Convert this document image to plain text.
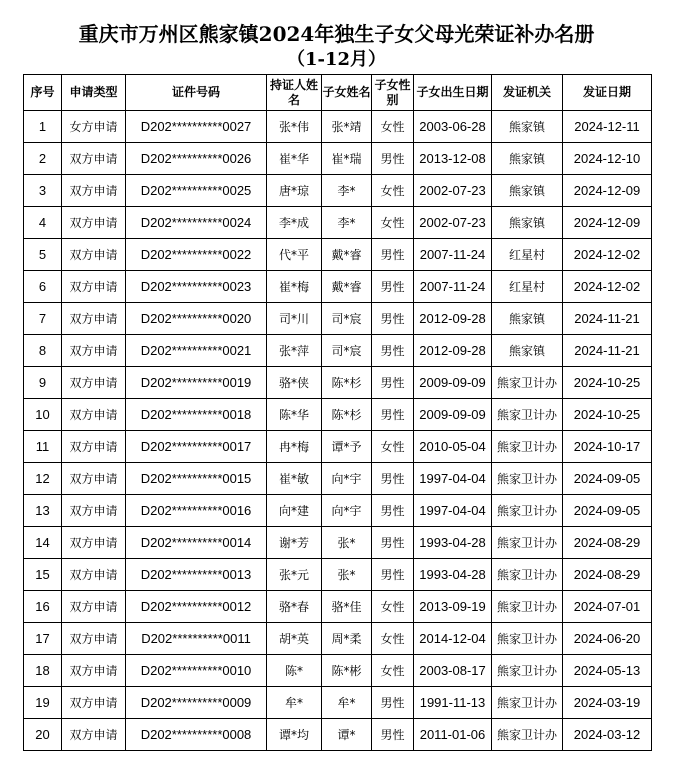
重庆市万州区熊家镇2024年独生子女父母光荣证补办名册
（1-12月）
序号	申请类型	证件号码	持证人姓名	子女姓名	子女性别	子女出生日期	发证机关	发证日期
1	女方申请	D202**********0027	张*伟	张*靖	女性	2003-06-28	熊家镇	2024-12-11
2	双方申请	D202**********0026	崔*华	崔*瑞	男性	2013-12-08	熊家镇	2024-12-10
3	双方申请	D202**********0025	唐*琼	李*	女性	2002-07-23	熊家镇	2024-12-09
4	双方申请	D202**********0024	李*成	李*	女性	2002-07-23	熊家镇	2024-12-09
5	双方申请	D202**********0022	代*平	戴*睿	男性	2007-11-24	红星村	2024-12-02
6	双方申请	D202**********0023	崔*梅	戴*睿	男性	2007-11-24	红星村	2024-12-02
7	双方申请	D202**********0020	司*川	司*宸	男性	2012-09-28	熊家镇	2024-11-21
8	双方申请	D202**********0021	张*萍	司*宸	男性	2012-09-28	熊家镇	2024-11-21
9	双方申请	D202**********0019	骆*侠	陈*杉	男性	2009-09-09	熊家卫计办	2024-10-25
10	双方申请	D202**********0018	陈*华	陈*杉	男性	2009-09-09	熊家卫计办	2024-10-25
11	双方申请	D202**********0017	冉*梅	谭*予	女性	2010-05-04	熊家卫计办	2024-10-17
12	双方申请	D202**********0015	崔*敏	向*宇	男性	1997-04-04	熊家卫计办	2024-09-05
13	双方申请	D202**********0016	向*建	向*宇	男性	1997-04-04	熊家卫计办	2024-09-05
14	双方申请	D202**********0014	谢*芳	张*	男性	1993-04-28	熊家卫计办	2024-08-29
15	双方申请	D202**********0013	张*元	张*	男性	1993-04-28	熊家卫计办	2024-08-29
16	双方申请	D202**********0012	骆*春	骆*佳	女性	2013-09-19	熊家卫计办	2024-07-01
17	双方申请	D202**********0011	胡*英	周*柔	女性	2014-12-04	熊家卫计办	2024-06-20
18	双方申请	D202**********0010	陈*	陈*彬	女性	2003-08-17	熊家卫计办	2024-05-13
19	双方申请	D202**********0009	牟*	牟*	男性	1991-11-13	熊家卫计办	2024-03-19
20	双方申请	D202**********0008	谭*均	谭*	男性	2011-01-06	熊家卫计办	2024-03-12
